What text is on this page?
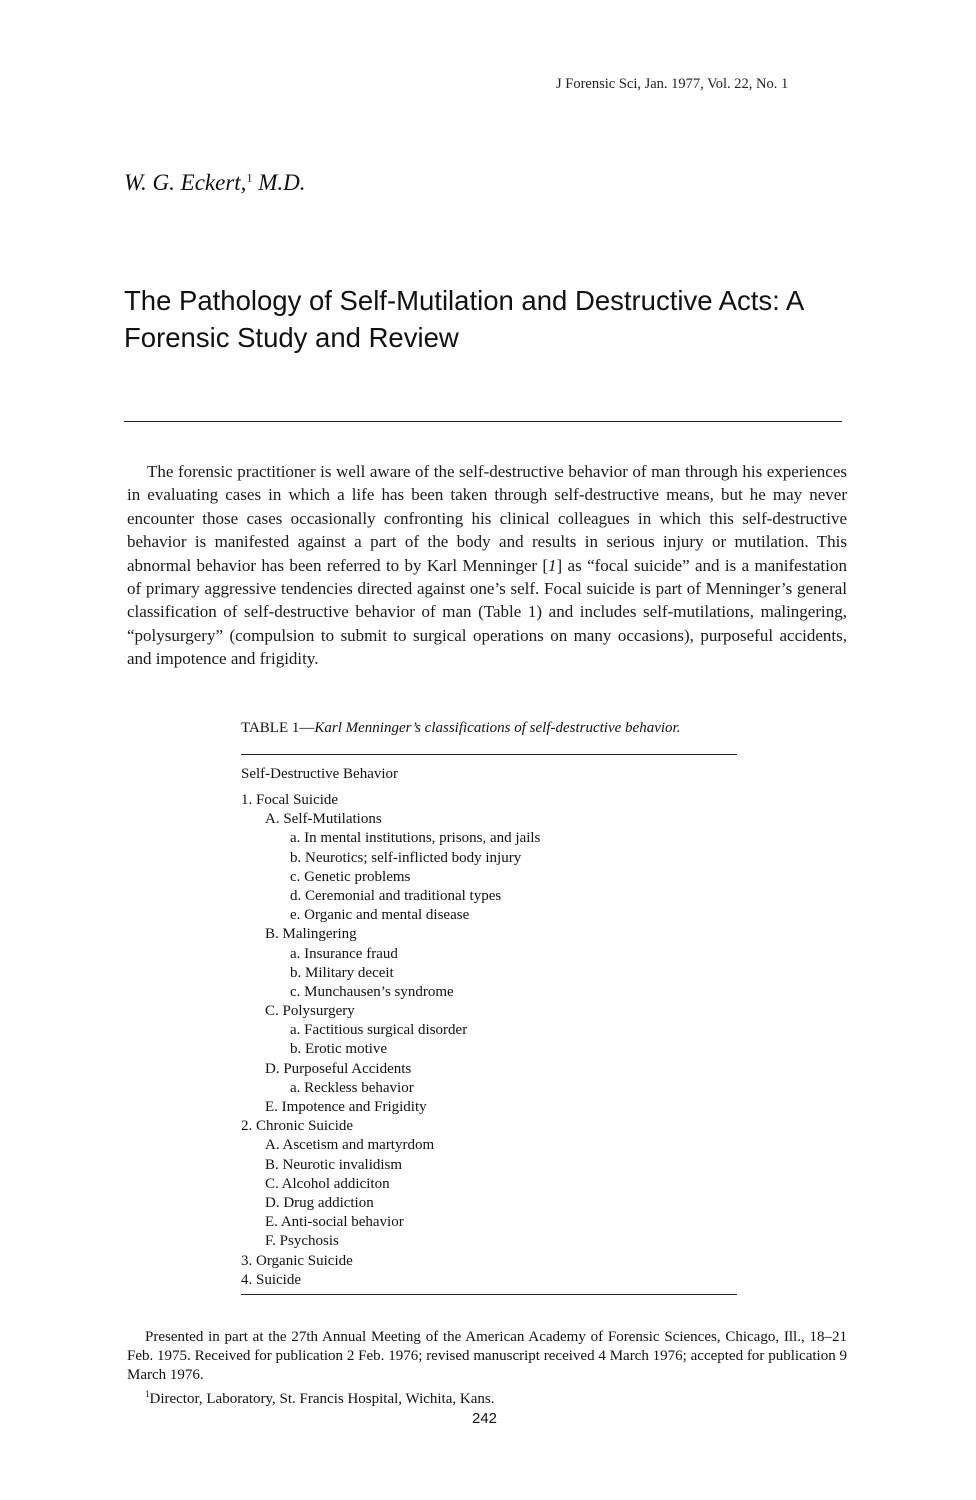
J Forensic Sci, Jan. 1977, Vol. 22, No. 1
W. G. Eckert,$^1$ M.D.
The Pathology of Self-Mutilation and Destructive Acts: A Forensic Study and Review

The forensic practitioner is well aware of the self-destructive behavior of man through his experiences in evaluating cases in which a life has been taken through self-destructive means, but he may never encounter those cases occasionally confronting his clinical colleagues in which this self-destructive behavior is manifested against a part of the body and results in serious injury or mutilation. This abnormal behavior has been referred to by Karl Menninger [1] as “focal suicide” and is a manifestation of primary aggressive tendencies directed against one’s self. Focal suicide is part of Menninger’s general classification of self-destructive behavior of man (Table 1) and includes self-mutilations, malingering, “polysurgery” (compulsion to submit to surgical operations on many occasions), purposeful accidents, and impotence and frigidity.

TABLE 1—Karl Menninger’s classifications of self-destructive behavior.
Self-Destructive Behavior
1. Focal Suicide
A. Self-Mutilations
a. In mental institutions, prisons, and jails
b. Neurotics; self-inflicted body injury
c. Genetic problems
d. Ceremonial and traditional types
e. Organic and mental disease
B. Malingering
a. Insurance fraud
b. Military deceit
c. Munchausen’s syndrome
C. Polysurgery
a. Factitious surgical disorder
b. Erotic motive
D. Purposeful Accidents
a. Reckless behavior
E. Impotence and Frigidity
2. Chronic Suicide
A. Ascetism and martyrdom
B. Neurotic invalidism
C. Alcohol addiciton
D. Drug addiction
E. Anti-social behavior
F. Psychosis
3. Organic Suicide
4. Suicide

Presented in part at the 27th Annual Meeting of the American Academy of Forensic Sciences, Chicago, Ill., 18–21 Feb. 1975. Received for publication 2 Feb. 1976; revised manuscript received 4 March 1976; accepted for publication 9 March 1976.

$^1$Director, Laboratory, St. Francis Hospital, Wichita, Kans.

242
